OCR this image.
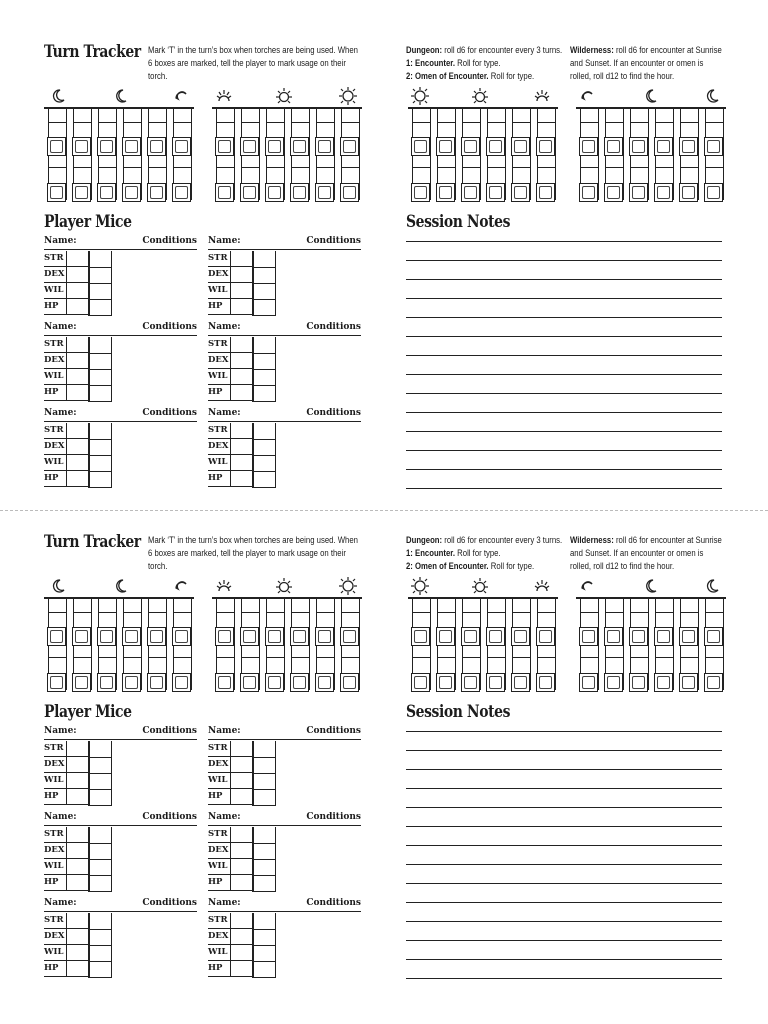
Turn Tracker Mark ‘T’ in the turn’s box when torches are being used. When 6 boxes are marked, tell the player to mark usage on their torch.
Dungeon: roll d6 for encounter every 3 turns.
1: Encounter. Roll for type.
2: Omen of Encounter. Roll for type.
Wilderness: roll d6 for encounter at Sunrise and Sunset. If an encounter or omen is rolled, roll d12 to find the hour.
Player Mice	Session Notes
Name:	Conditions
STR
DEX
WIL
HP
Name:	Conditions
STR
DEX
WIL
HP
Name:	Conditions
STR
DEX
WIL
HP
Name:	Conditions
STR
DEX
WIL
HP
Name:	Conditions
STR
DEX
WIL
HP
Name:	Conditions
STR
DEX
WIL
HP
Turn Tracker Mark ‘T’ in the turn’s box when torches are being used. When 6 boxes are marked, tell the player to mark usage on their torch.
Dungeon: roll d6 for encounter every 3 turns.
1: Encounter. Roll for type.
2: Omen of Encounter. Roll for type.
Wilderness: roll d6 for encounter at Sunrise and Sunset. If an encounter or omen is rolled, roll d12 to find the hour.
Player Mice	Session Notes
Name:	Conditions
STR
DEX
WIL
HP
Name:	Conditions
STR
DEX
WIL
HP
Name:	Conditions
STR
DEX
WIL
HP
Name:	Conditions
STR
DEX
WIL
HP
Name:	Conditions
STR
DEX
WIL
HP
Name:	Conditions
STR
DEX
WIL
HP
